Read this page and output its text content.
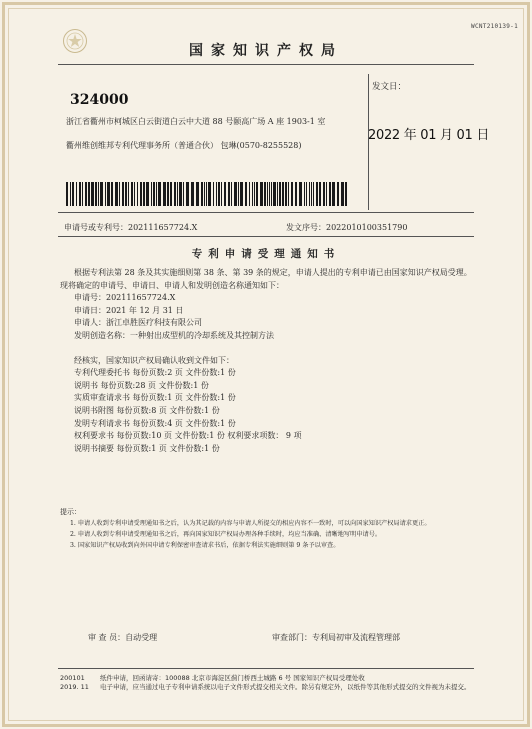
WCNT210139-1
国家知识产权局
324000
浙江省衢州市柯城区白云街道白云中大道 88 号颐高广场 A 座 1903-1 室
衢州维创维邦专利代理事务所（普通合伙） 包琳(0570-8255528)
发文日：
2022 年 01 月 01 日
申请号或专利号：202111657724.X	发文序号：2022010100351790
专利申请受理通知书

根据专利法第 28 条及其实施细则第 38 条、第 39 条的规定，申请人提出的专利申请已由国家知识产权局受理。现将确定的申请号、申请日、申请人和发明创造名称通知如下：

申请号：202111657724.X
申请日：2021 年 12 月 31 日
申请人：浙江卓胜医疗科技有限公司
发明创造名称：一种射出成型机的冷却系统及其控制方法
经核实，国家知识产权局确认收到文件如下：
专利代理委托书 每份页数:2 页 文件份数:1 份
说明书 每份页数:28 页 文件份数:1 份
实质审查请求书 每份页数:1 页 文件份数:1 份
说明书附图 每份页数:8 页 文件份数:1 份
发明专利请求书 每份页数:4 页 文件份数:1 份
权利要求书 每份页数:10 页 文件份数:1 份 权利要求项数： 9 项
说明书摘要 每份页数:1 页 文件份数:1 份
提示：

1. 申请人收到专利申请受理通知书之后，认为其记载的内容与申请人所提交的相应内容不一致时，可以向国家知识产权局请求更正。

2. 申请人收到专利申请受理通知书之后，再向国家知识产权局办理各种手续时，均应当准确、清晰地写明申请号。

3. 国家知识产权局收到向外国申请专利保密审查请求书后，依据专利法实施细则第 9 条予以审查。

审 查 员：自动受理	审查部门：专利局初审及流程管理部
200101
2019. 11

纸件申请，回函请寄：100088 北京市海淀区蓟门桥西土城路 6 号 国家知识产权局受理处收

电子申请，应当通过电子专利申请系统以电子文件形式提交相关文件。除另有规定外，以纸件等其他形式提交的文件视为未提交。
